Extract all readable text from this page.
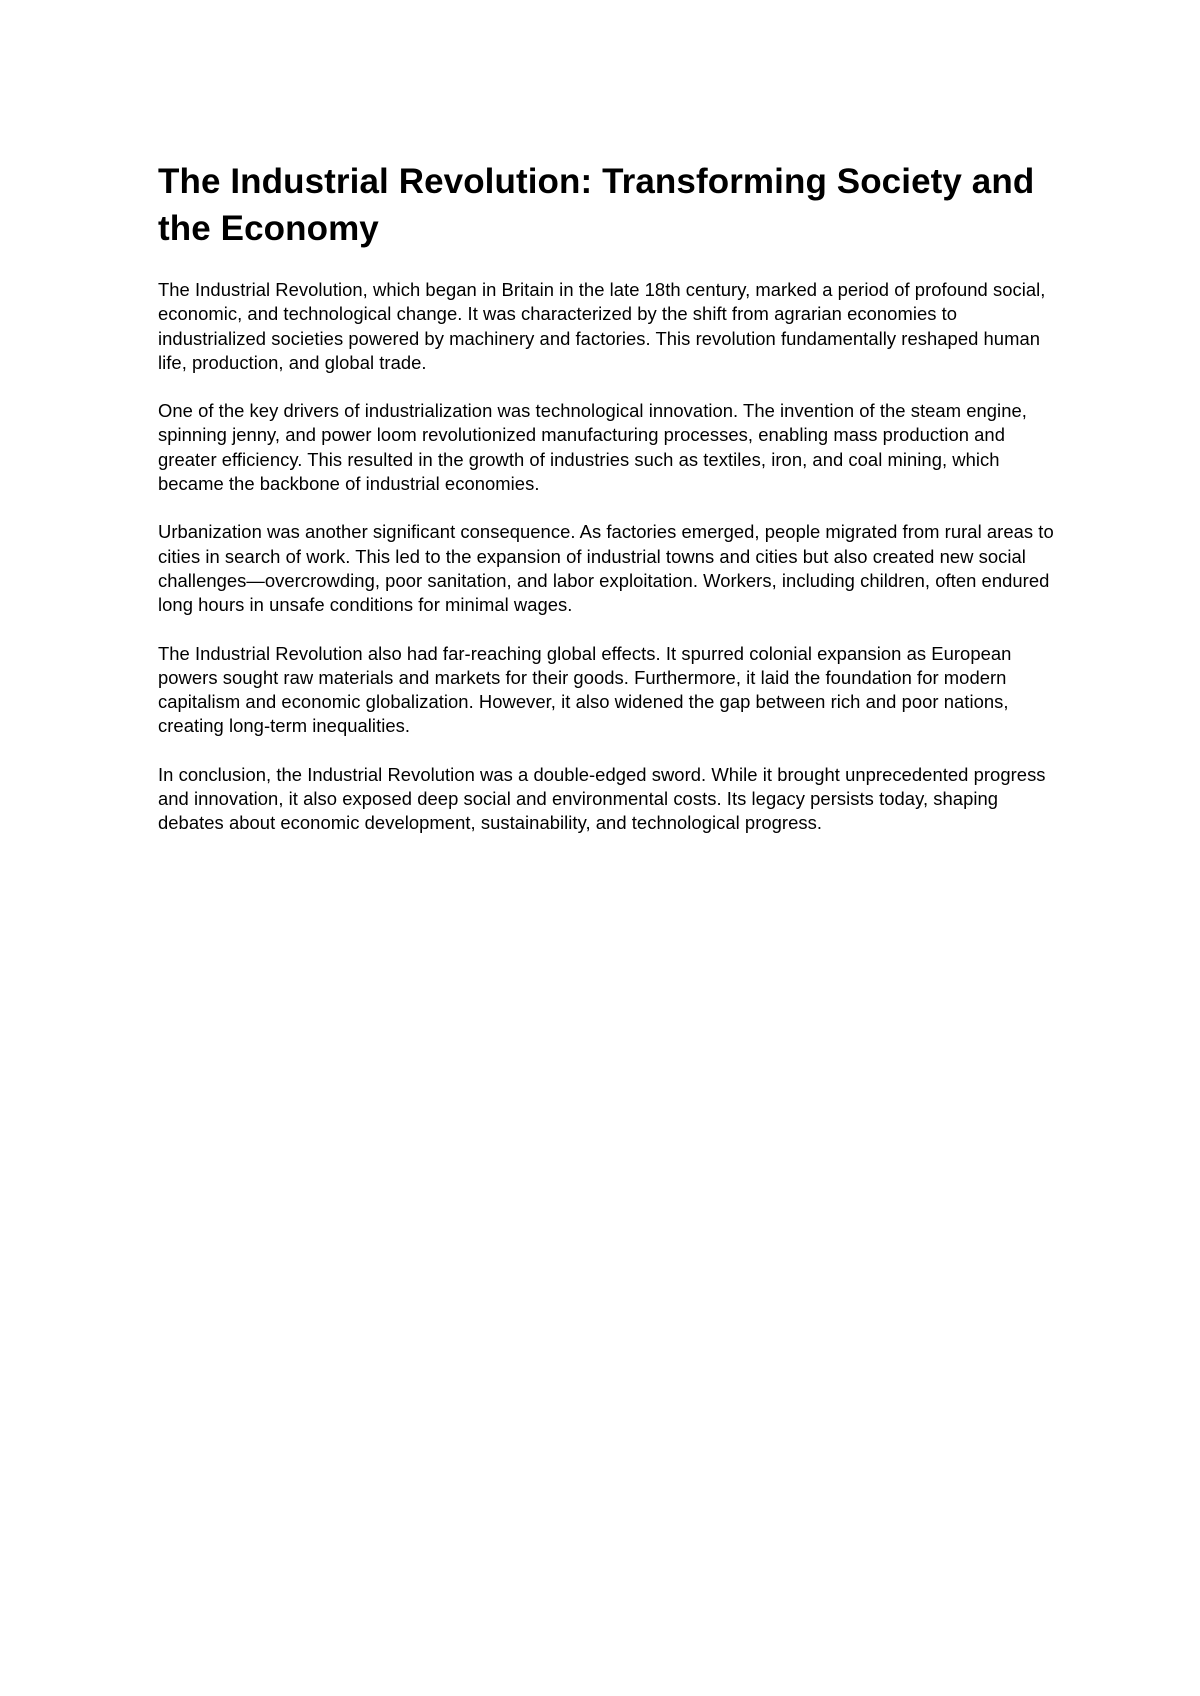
The Industrial Revolution: Transforming Society and the Economy

The Industrial Revolution, which began in Britain in the late 18th century, marked a period of profound social, economic, and technological change. It was characterized by the shift from agrarian economies to industrialized societies powered by machinery and factories. This revolution fundamentally reshaped human life, production, and global trade.

One of the key drivers of industrialization was technological innovation. The invention of the steam engine, spinning jenny, and power loom revolutionized manufacturing processes, enabling mass production and greater efficiency. This resulted in the growth of industries such as textiles, iron, and coal mining, which became the backbone of industrial economies.

Urbanization was another significant consequence. As factories emerged, people migrated from rural areas to cities in search of work. This led to the expansion of industrial towns and cities but also created new social challenges—overcrowding, poor sanitation, and labor exploitation. Workers, including children, often endured long hours in unsafe conditions for minimal wages.

The Industrial Revolution also had far-reaching global effects. It spurred colonial expansion as European powers sought raw materials and markets for their goods. Furthermore, it laid the foundation for modern capitalism and economic globalization. However, it also widened the gap between rich and poor nations, creating long-term inequalities.

In conclusion, the Industrial Revolution was a double-edged sword. While it brought unprecedented progress and innovation, it also exposed deep social and environmental costs. Its legacy persists today, shaping debates about economic development, sustainability, and technological progress.
